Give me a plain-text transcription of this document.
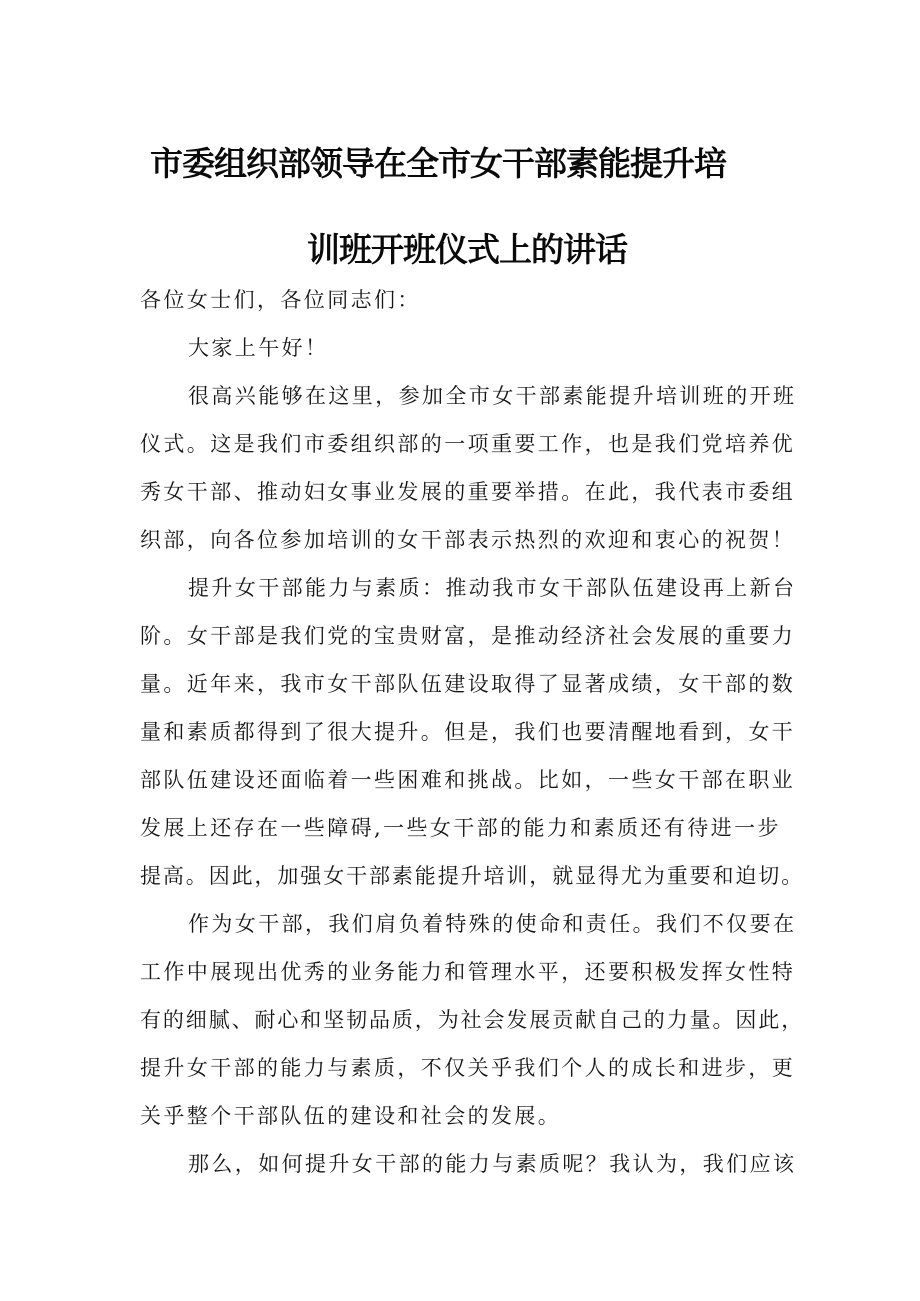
市委组织部领导在全市女干部素能提升培
训班开班仪式上的讲话
各位女士们，各位同志们：
大家上午好！
很高兴能够在这里，参加全市女干部素能提升培训班的开班
仪式。这是我们市委组织部的一项重要工作，也是我们党培养优
秀女干部、推动妇女事业发展的重要举措。在此，我代表市委组
织部，向各位参加培训的女干部表示热烈的欢迎和衷心的祝贺！
提升女干部能力与素质：推动我市女干部队伍建设再上新台
阶。女干部是我们党的宝贵财富，是推动经济社会发展的重要力
量。近年来，我市女干部队伍建设取得了显著成绩，女干部的数
量和素质都得到了很大提升。但是，我们也要清醒地看到，女干
部队伍建设还面临着一些困难和挑战。比如，一些女干部在职业
发展上还存在一些障碍,一些女干部的能力和素质还有待进一步
提高。因此，加强女干部素能提升培训，就显得尤为重要和迫切。
作为女干部，我们肩负着特殊的使命和责任。我们不仅要在
工作中展现出优秀的业务能力和管理水平，还要积极发挥女性特
有的细腻、耐心和坚韧品质，为社会发展贡献自己的力量。因此，
提升女干部的能力与素质，不仅关乎我们个人的成长和进步，更
关乎整个干部队伍的建设和社会的发展。
那么，如何提升女干部的能力与素质呢？我认为，我们应该
